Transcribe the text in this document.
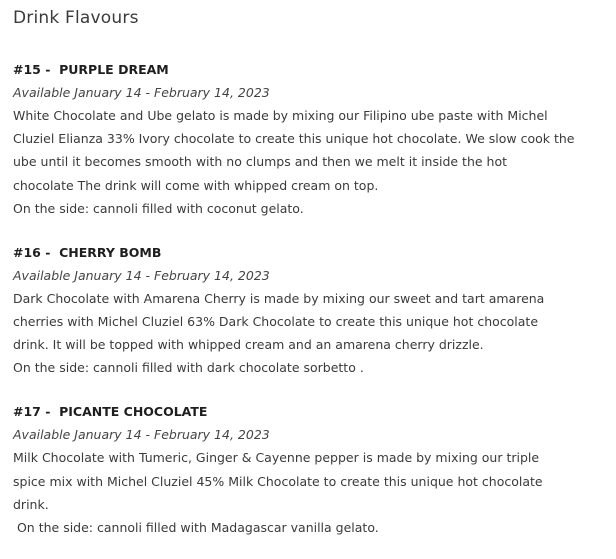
Drink Flavours

#15 -  PURPLE DREAM

Available January 14 - February 14, 2023

White Chocolate and Ube gelato is made by mixing our Filipino ube paste with Michel
Cluziel Elianza 33% Ivory chocolate to create this unique hot chocolate. We slow cook the
ube until it becomes smooth with no clumps and then we melt it inside the hot
chocolate The drink will come with whipped cream on top.

On the side: cannoli filled with coconut gelato.

#16 -  CHERRY BOMB

Available January 14 - February 14, 2023

Dark Chocolate with Amarena Cherry is made by mixing our sweet and tart amarena
cherries with Michel Cluziel 63% Dark Chocolate to create this unique hot chocolate
drink. It will be topped with whipped cream and an amarena cherry drizzle.

On the side: cannoli filled with dark chocolate sorbetto .

#17 -  PICANTE CHOCOLATE

Available January 14 - February 14, 2023

Milk Chocolate with Tumeric, Ginger & Cayenne pepper is made by mixing our triple
spice mix with Michel Cluziel 45% Milk Chocolate to create this unique hot chocolate
drink.

On the side: cannoli filled with Madagascar vanilla gelato.
